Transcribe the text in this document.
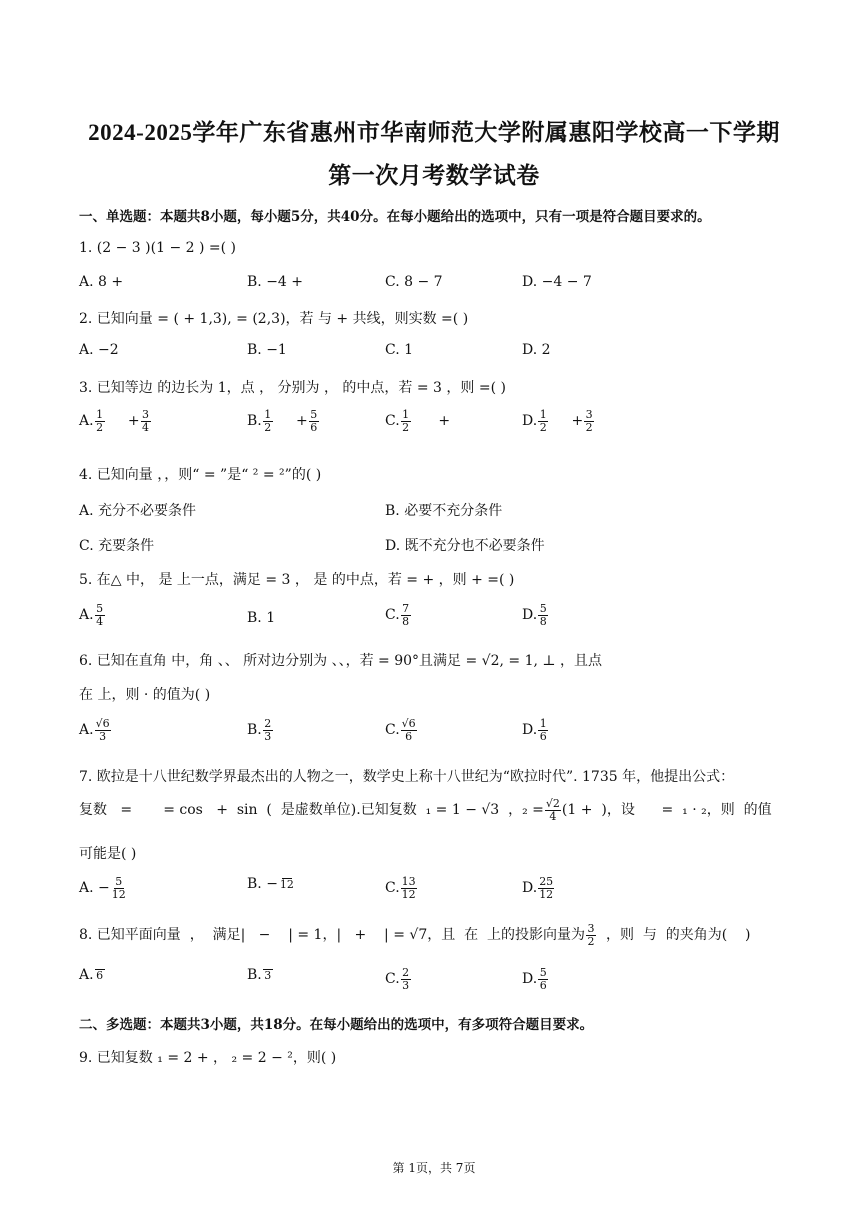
2024-2025学年广东省惠州市华南师范大学附属惠阳学校高一下学期
第一次月考数学试卷
一、单选题：本题共8小题，每小题5分，共40分。在每小题给出的选项中，只有一项是符合题目要求的。
1. (2 − 3 )(1 − 2 ) =( )
A. 8 +	B. −4 +	C. 8 − 7	D. −4 − 7
2. 已知向量 = ( + 1,3), = (2,3)，若 与 + 共线，则实数 =( )
A. −2	B. −1	C. 1	D. 2
3. 已知等边 的边长为 1，点 ， 分别为 ， 的中点，若 = 3 ，则 =( )
A. $\frac{1}{2} + \frac{3}{4}$	B. $\frac{1}{2} + \frac{5}{6}$	C. $\frac{1}{2}$ +	D. $\frac{1}{2} + \frac{3}{2}$
4. 已知向量 ，，则“ = ”是“ ² = ²”的( )
A. 充分不必要条件	B. 必要不充分条件
C. 充要条件	D. 既不充分也不必要条件
5. 在△ 中， 是 上一点，满足 = 3 ， 是 的中点，若 = + ，则 + =( )
A. $\frac{5}{4}$	B. 1	C. $\frac{7}{8}$	D. $\frac{5}{8}$
6. 已知在直角 中，角 、、 所对边分别为 、、，若 = 90°且满足 = √2, = 1, ⊥ ，且点
在 上，则 · 的值为( )
A. $\frac{√6}{3}$	B. $\frac{2}{3}$	C. $\frac{√6}{6}$	D. $\frac{1}{6}$
7. 欧拉是十八世纪数学界最杰出的人物之一，数学史上称十八世纪为“欧拉时代”. 1735 年，他提出公式：
复数   =       = cos   +  sin  (  是虚数单位).已知复数  ₁ = 1 − √3  ，$_2 = \frac{√2}{4} (1$ +  )，设      =  ₁ · ₂，则  的值
可能是( )
A. − $\frac{5}{12}$	B. − 12	C. $\frac{13}{12}$	D. $\frac{25}{12}$
8. 已知平面向量  ，  满足|   −    | = 1，|   +    | = √7，且  在  上的投影向量为 $\frac{3}{2}$ ，则  与  的夹角为(    )
A. 6	B. 3	C. $\frac{2}{3}$	D. $\frac{5}{6}$
二、多选题：本题共3小题，共18分。在每小题给出的选项中，有多项符合题目要求。
9. 已知复数 ₁ = 2 + ， ₂ = 2 − ²，则( )
第 1页，共 7页
